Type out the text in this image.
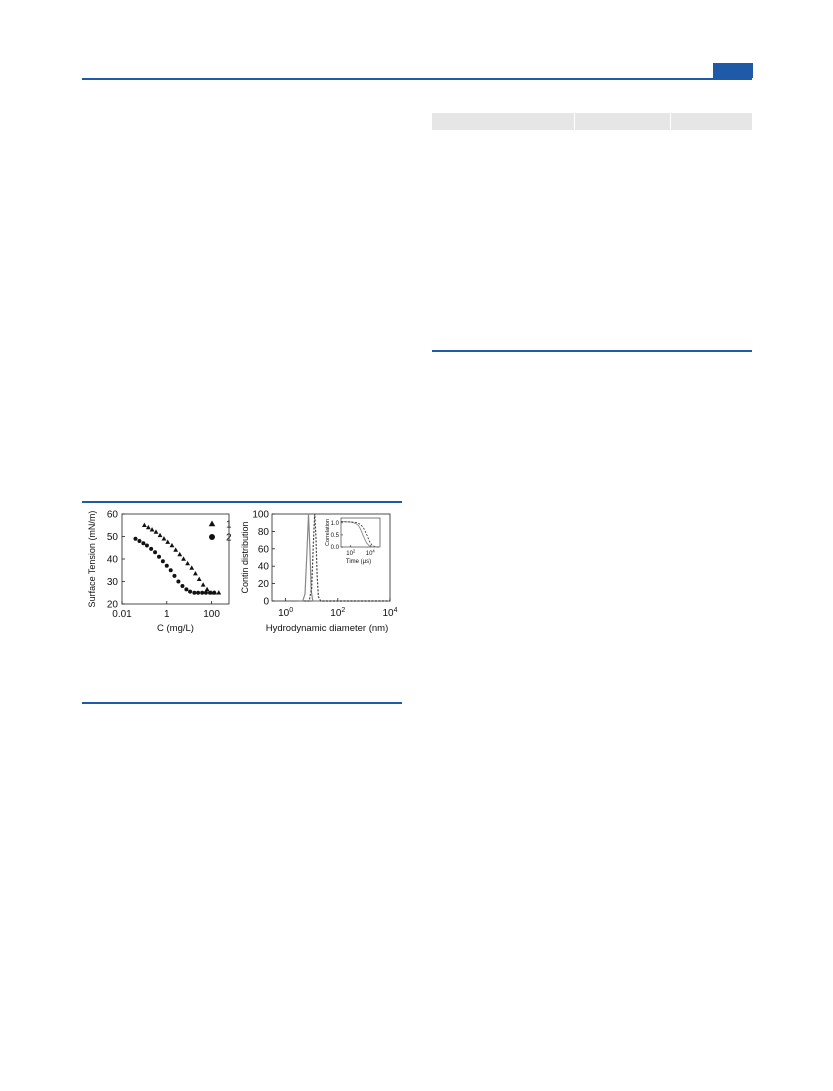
20
30
40
50
60
0.01	1	100
C (mg/L)
Surface Tension (mN/m)	1
2
0
20
40
60
80
100
$10^0$	$10^2$	$10^4$
Hydrodynamic diameter (nm)
Contin distribution	0.0
0.5
1.0
$10^2$ $10^4$
Time (µs)
Correlation
